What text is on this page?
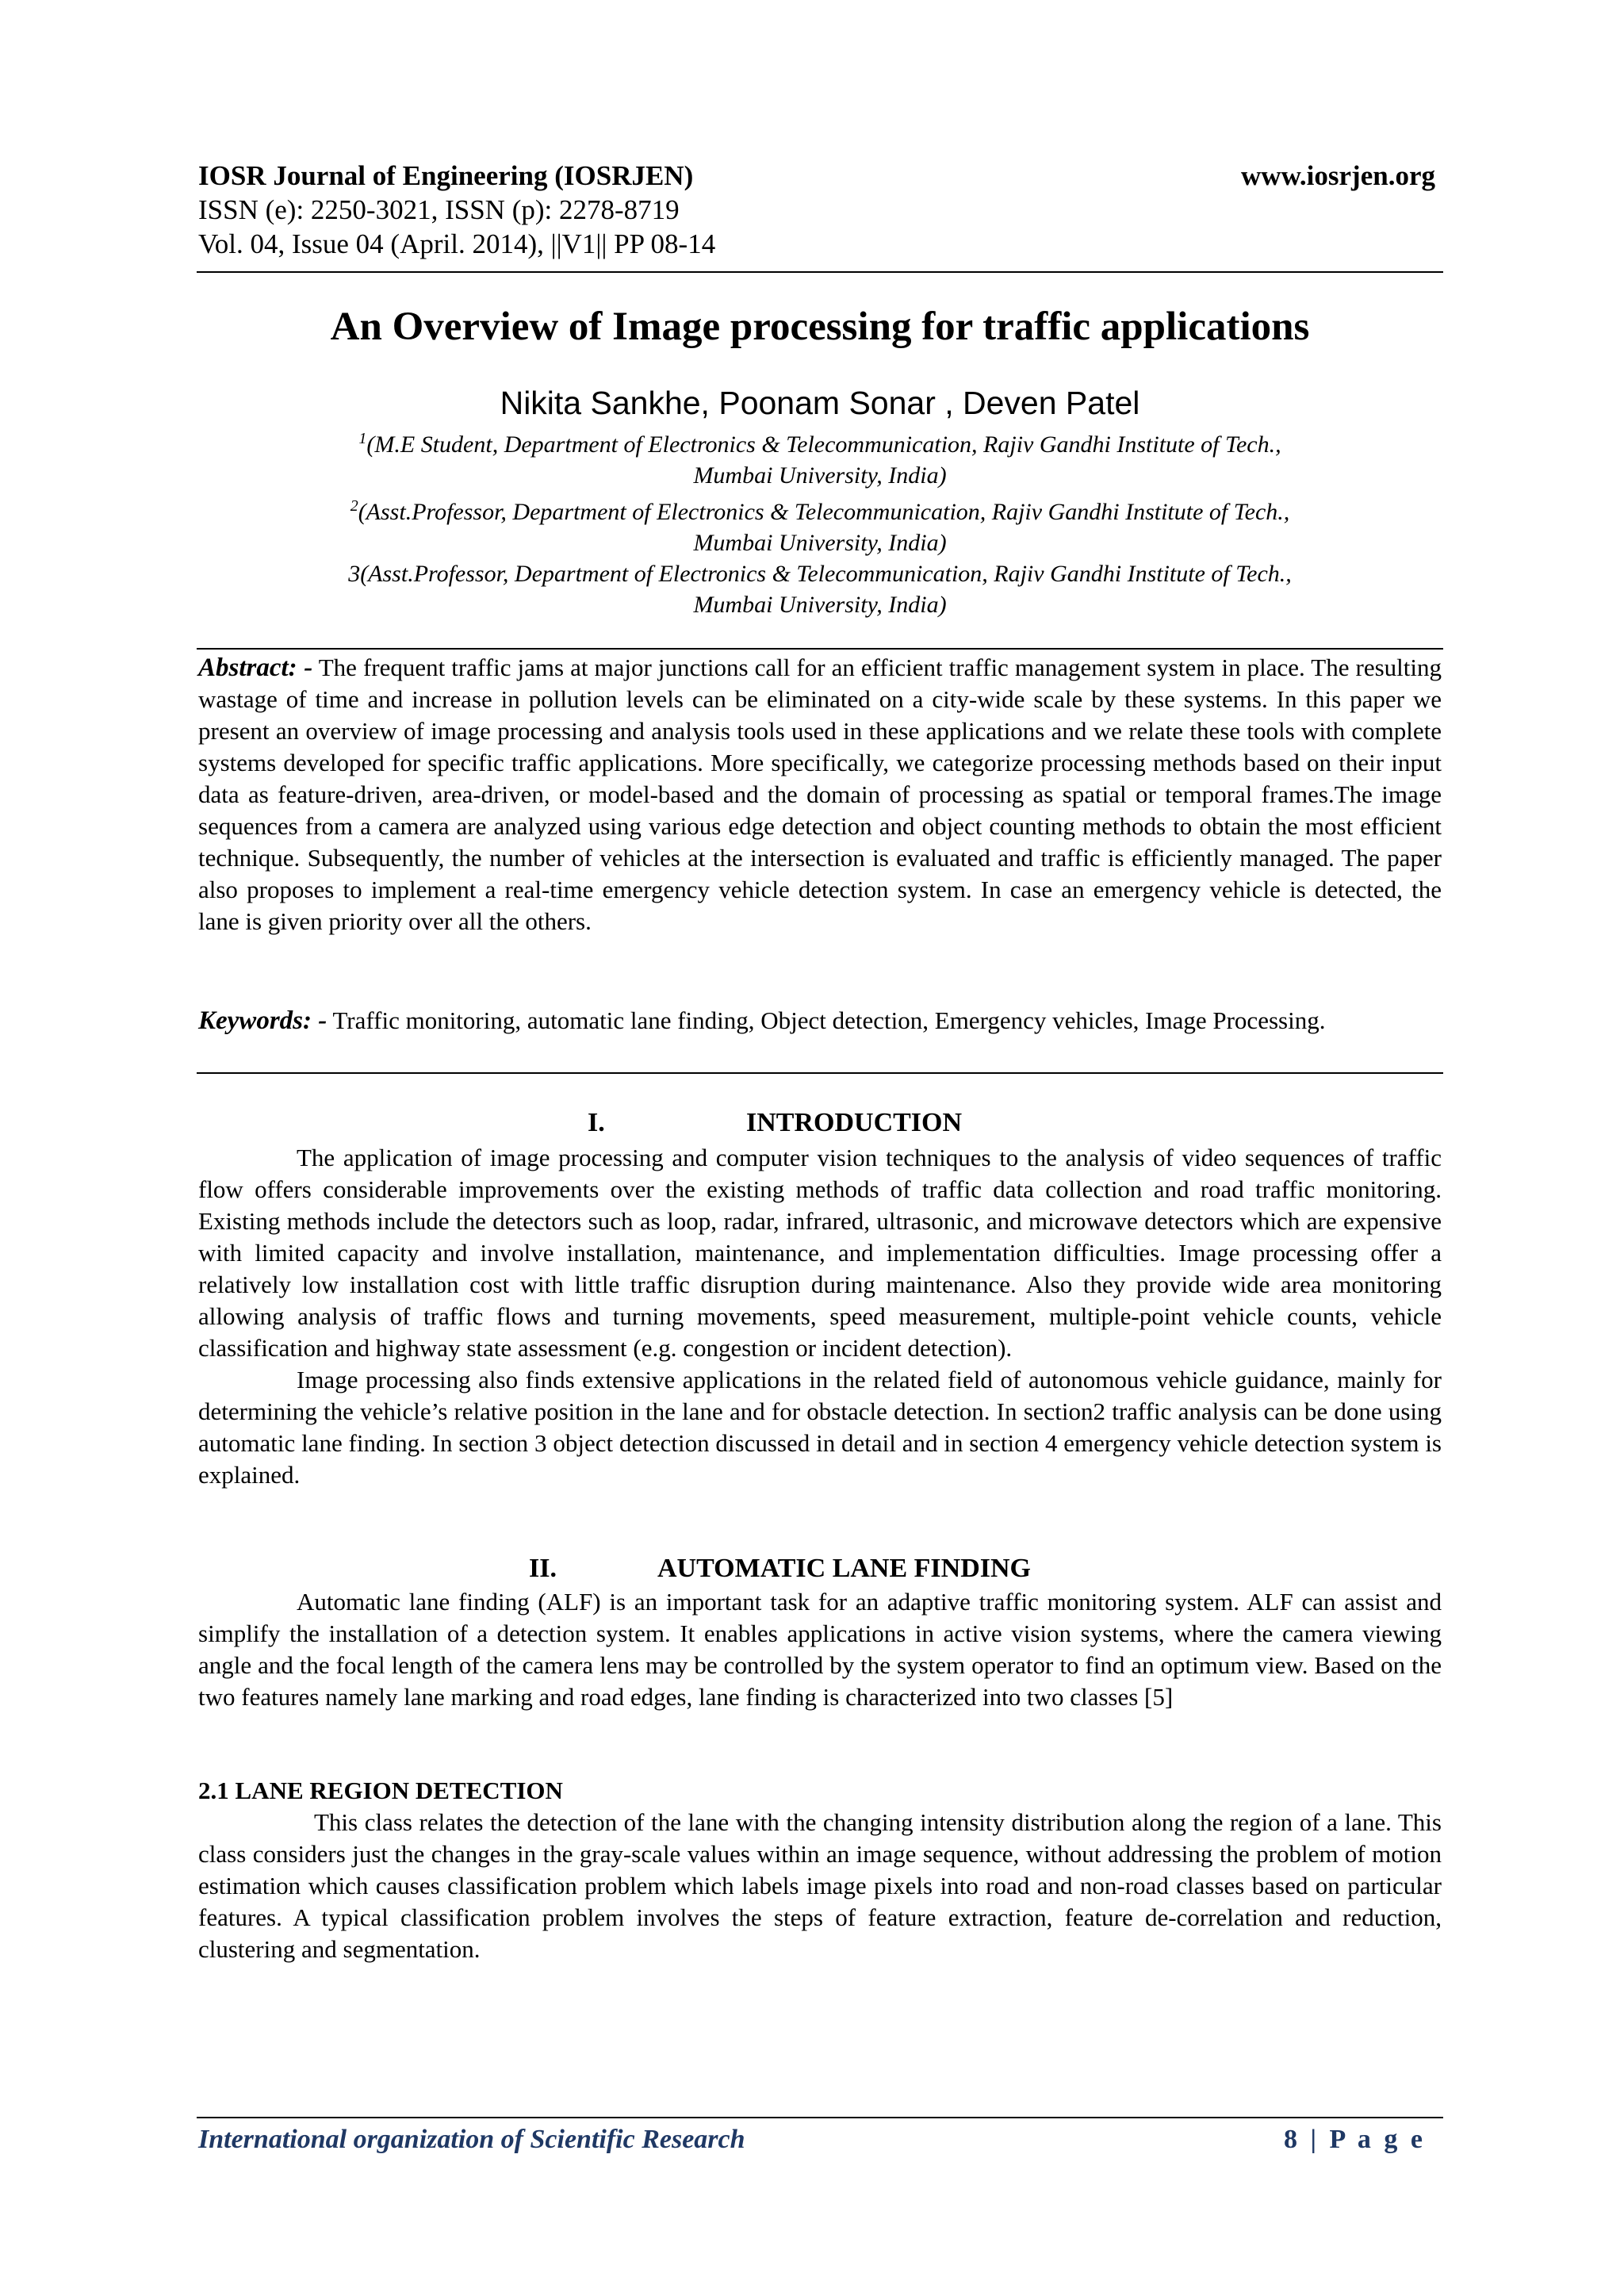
IOSR Journal of Engineering (IOSRJEN)
ISSN (e): 2250-3021, ISSN (p): 2278-8719
Vol. 04, Issue 04 (April. 2014), ||V1|| PP 08-14
www.iosrjen.org
An Overview of Image processing for traffic applications
Nikita Sankhe, Poonam Sonar , Deven Patel

$^1$(M.E Student, Department of Electronics & Telecommunication, Rajiv Gandhi Institute of Tech.,

Mumbai University, India)

$^2$(Asst.Professor, Department of Electronics & Telecommunication, Rajiv Gandhi Institute of Tech.,

Mumbai University, India)

3(Asst.Professor, Department of Electronics & Telecommunication, Rajiv Gandhi Institute of Tech.,

Mumbai University, India)

Abstract: - The frequent traffic jams at major junctions call for an efficient traffic management system in place. The resulting wastage of time and increase in pollution levels can be eliminated on a city-wide scale by these systems. In this paper we present an overview of image processing and analysis tools used in these applications and we relate these tools with complete systems developed for specific traffic applications. More specifically, we categorize processing methods based on their input data as feature-driven, area-driven, or model-based and the domain of processing as spatial or temporal frames.The image sequences from a camera are analyzed using various edge detection and object counting methods to obtain the most efficient technique. Subsequently, the number of vehicles at the intersection is evaluated and traffic is efficiently managed. The paper also proposes to implement a real-time emergency vehicle detection system. In case an emergency vehicle is detected, the lane is given priority over all the others.
Keywords: - Traffic monitoring, automatic lane finding, Object detection, Emergency vehicles, Image Processing.
I.	INTRODUCTION

The application of image processing and computer vision techniques to the analysis of video sequences of traffic flow offers considerable improvements over the existing methods of traffic data collection and road traffic monitoring. Existing methods include the detectors such as loop, radar, infrared, ultrasonic, and microwave detectors which are expensive with limited capacity and involve installation, maintenance, and implementation difficulties. Image processing offer a relatively low installation cost with little traffic disruption during maintenance. Also they provide wide area monitoring allowing analysis of traffic flows and turning movements, speed measurement, multiple-point vehicle counts, vehicle classification and highway state assessment (e.g. congestion or incident detection).

Image processing also finds extensive applications in the related field of autonomous vehicle guidance, mainly for determining the vehicle’s relative position in the lane and for obstacle detection. In section2 traffic analysis can be done using automatic lane finding. In section 3 object detection discussed in detail and in section 4 emergency vehicle detection system is explained.

II.	AUTOMATIC LANE FINDING

Automatic lane finding (ALF) is an important task for an adaptive traffic monitoring system. ALF can assist and simplify the installation of a detection system. It enables applications in active vision systems, where the camera viewing angle and the focal length of the camera lens may be controlled by the system operator to find an optimum view. Based on the two features namely lane marking and road edges, lane finding is characterized into two classes [5]

2.1 LANE REGION DETECTION

This class relates the detection of the lane with the changing intensity distribution along the region of a lane. This class considers just the changes in the gray-scale values within an image sequence, without addressing the problem of motion estimation which causes classification problem which labels image pixels into road and non-road classes based on particular features. A typical classification problem involves the steps of feature extraction, feature de-correlation and reduction, clustering and segmentation.

International organization of Scientific Research	8 | P a g e
